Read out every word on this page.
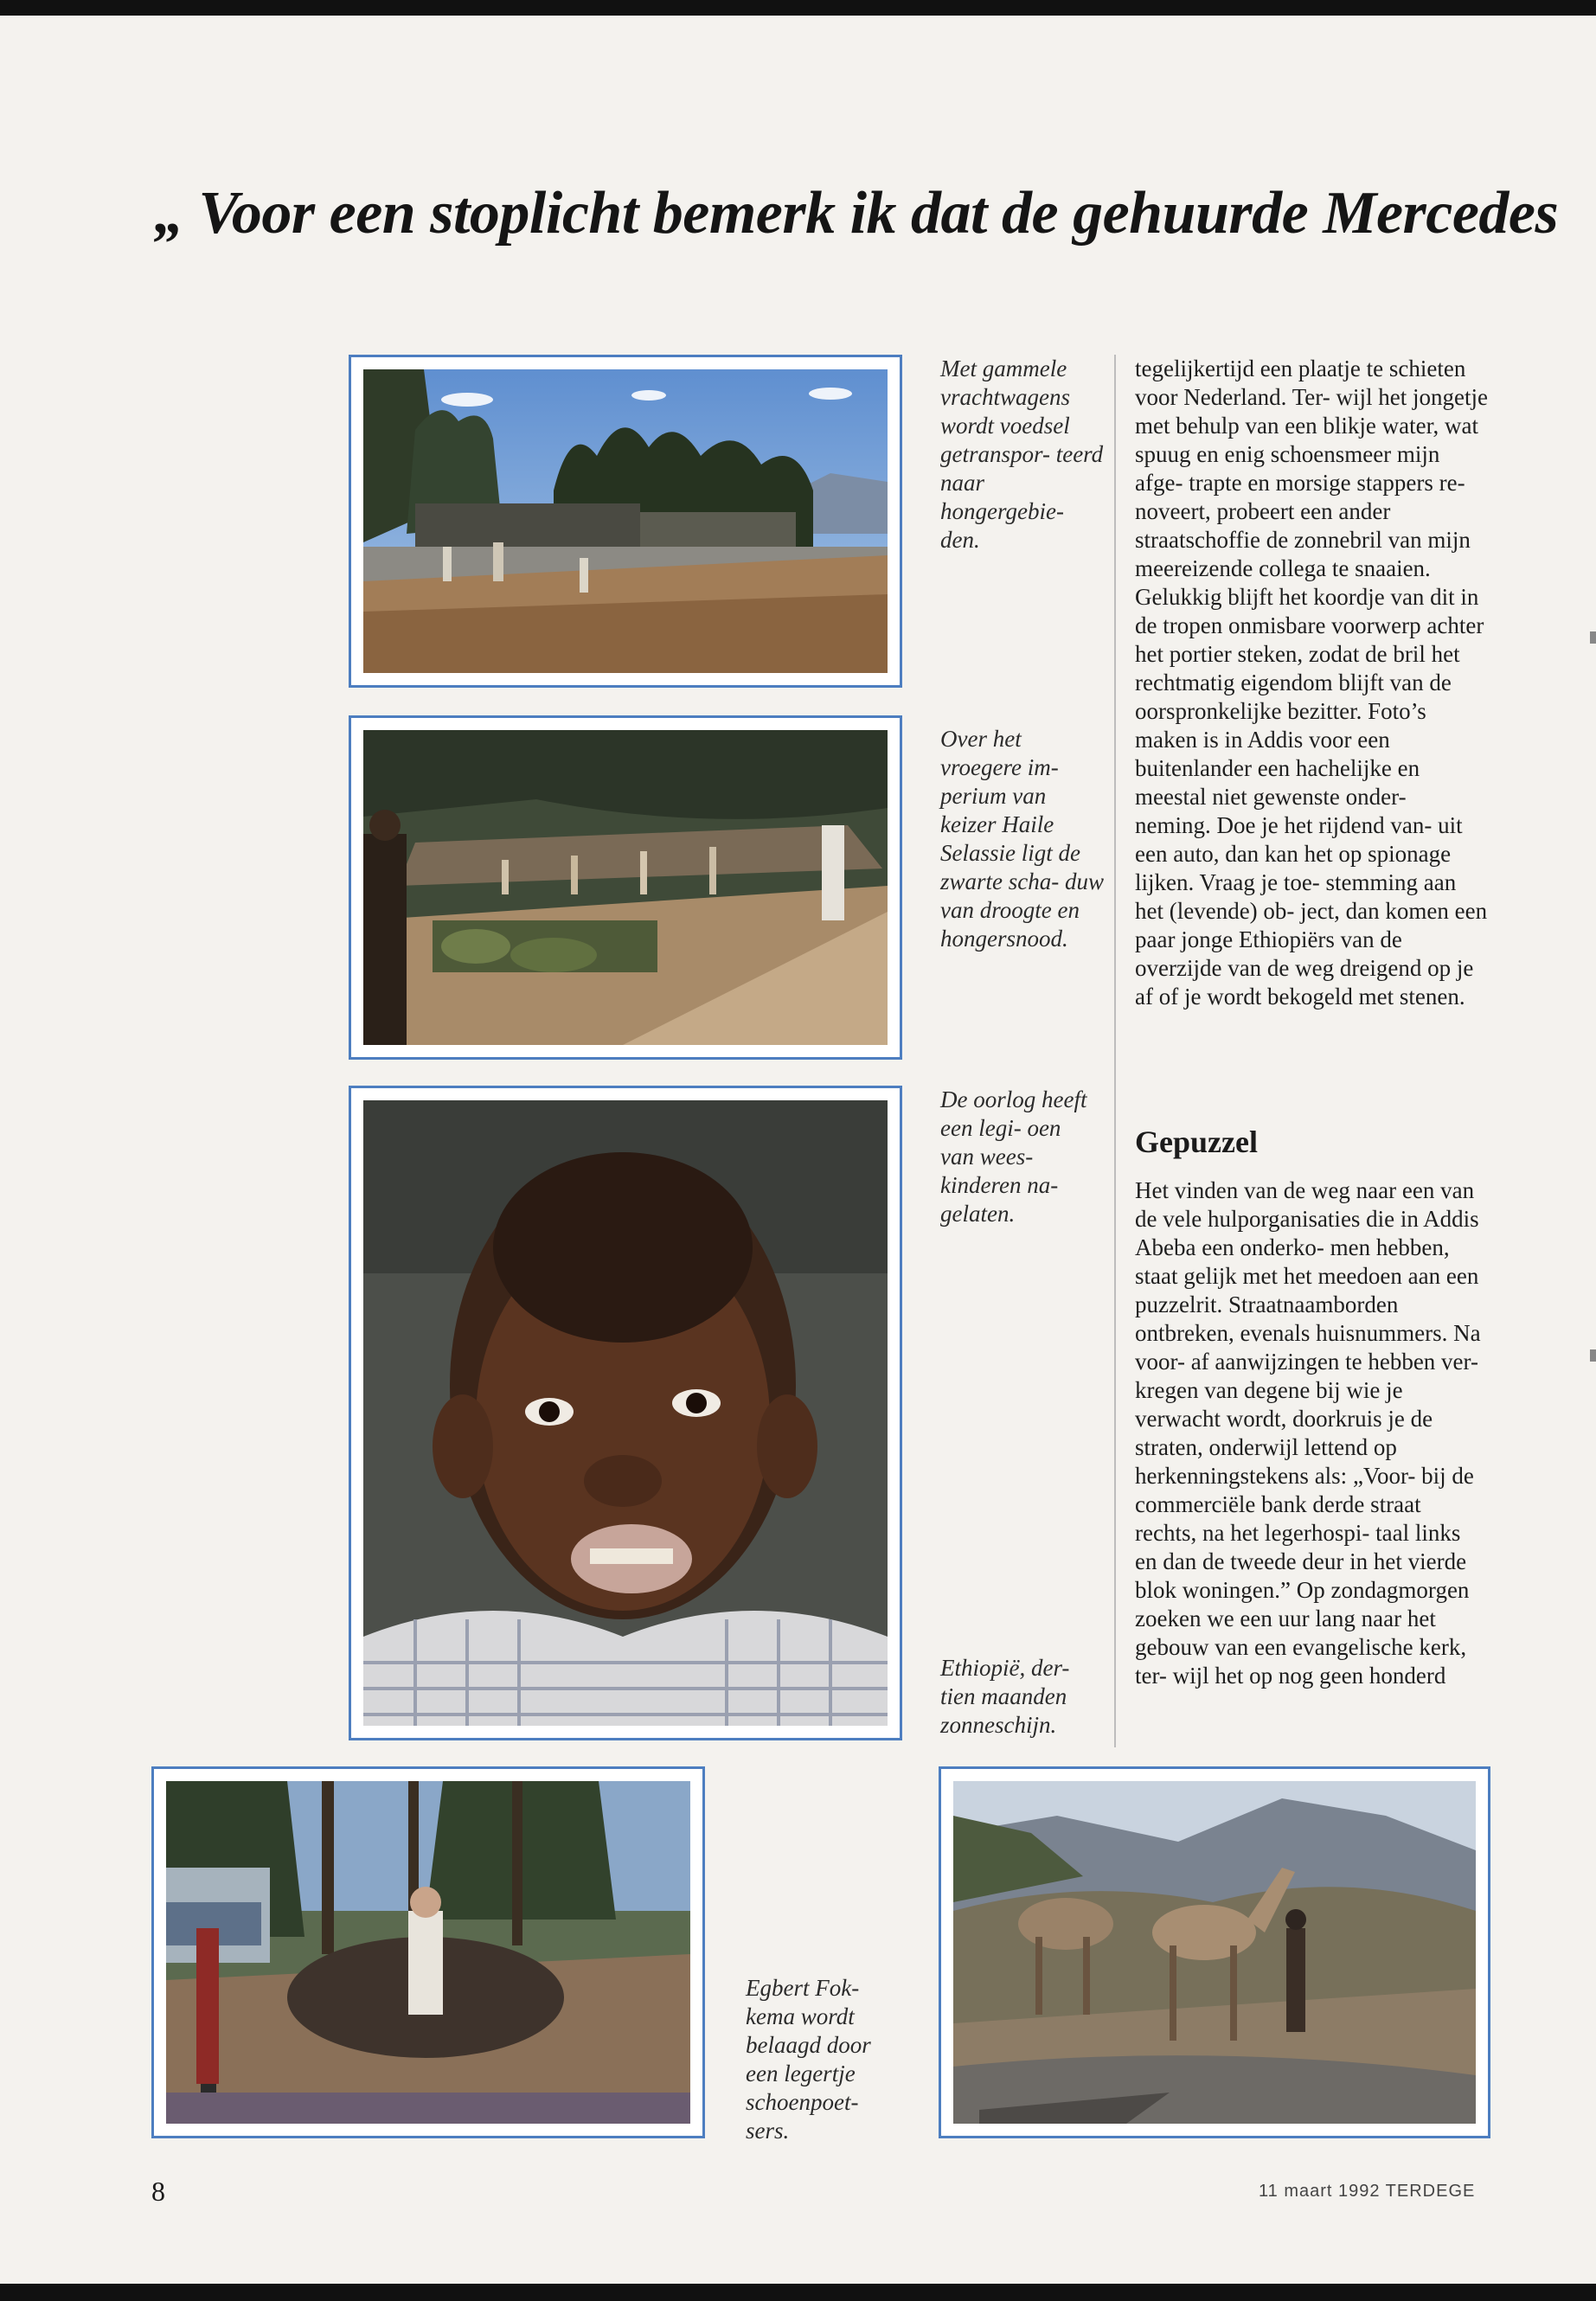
„ Voor een stoplicht bemerk ik dat de gehuurde Mercedes
Met gammele vrachtwagens wordt voedsel getranspor- teerd naar hongergebie- den.
Over het vroegere im- perium van keizer Haile Selassie ligt de zwarte scha- duw van droogte en hongersnood.
De oorlog heeft een legi- oen van wees- kinderen na- gelaten.
Ethiopië, der- tien maanden zonneschijn.

tegelijkertijd een plaatje te schieten voor Nederland. Ter- wijl het jongetje met behulp van een blikje water, wat spuug en enig schoensmeer mijn afge- trapte en morsige stappers re- noveert, probeert een ander straatschoffie de zonnebril van mijn meereizende collega te snaaien. Gelukkig blijft het koordje van dit in de tropen onmisbare voorwerp achter het portier steken, zodat de bril het rechtmatig eigendom blijft van de oorspronkelijke bezitter. Foto’s maken is in Addis voor een buitenlander een hachelijke en meestal niet gewenste onder- neming. Doe je het rijdend van- uit een auto, dan kan het op spionage lijken. Vraag je toe- stemming aan het (levende) ob- ject, dan komen een paar jonge Ethiopiërs van de overzijde van de weg dreigend op je af of je wordt bekogeld met stenen.

Gepuzzel

Het vinden van de weg naar een van de vele hulporganisaties die in Addis Abeba een onderko- men hebben, staat gelijk met het meedoen aan een puzzelrit. Straatnaamborden ontbreken, evenals huisnummers. Na voor- af aanwijzingen te hebben ver- kregen van degene bij wie je verwacht wordt, doorkruis je de straten, onderwijl lettend op herkenningstekens als: „Voor- bij de commerciële bank derde straat rechts, na het legerhospi- taal links en dan de tweede deur in het vierde blok woningen.” Op zondagmorgen zoeken we een uur lang naar het gebouw van een evangelische kerk, ter- wijl het op nog geen honderd

Egbert Fok- kema wordt belaagd door een legertje schoenpoet- sers.
8	11 maart 1992 TERDEGE
